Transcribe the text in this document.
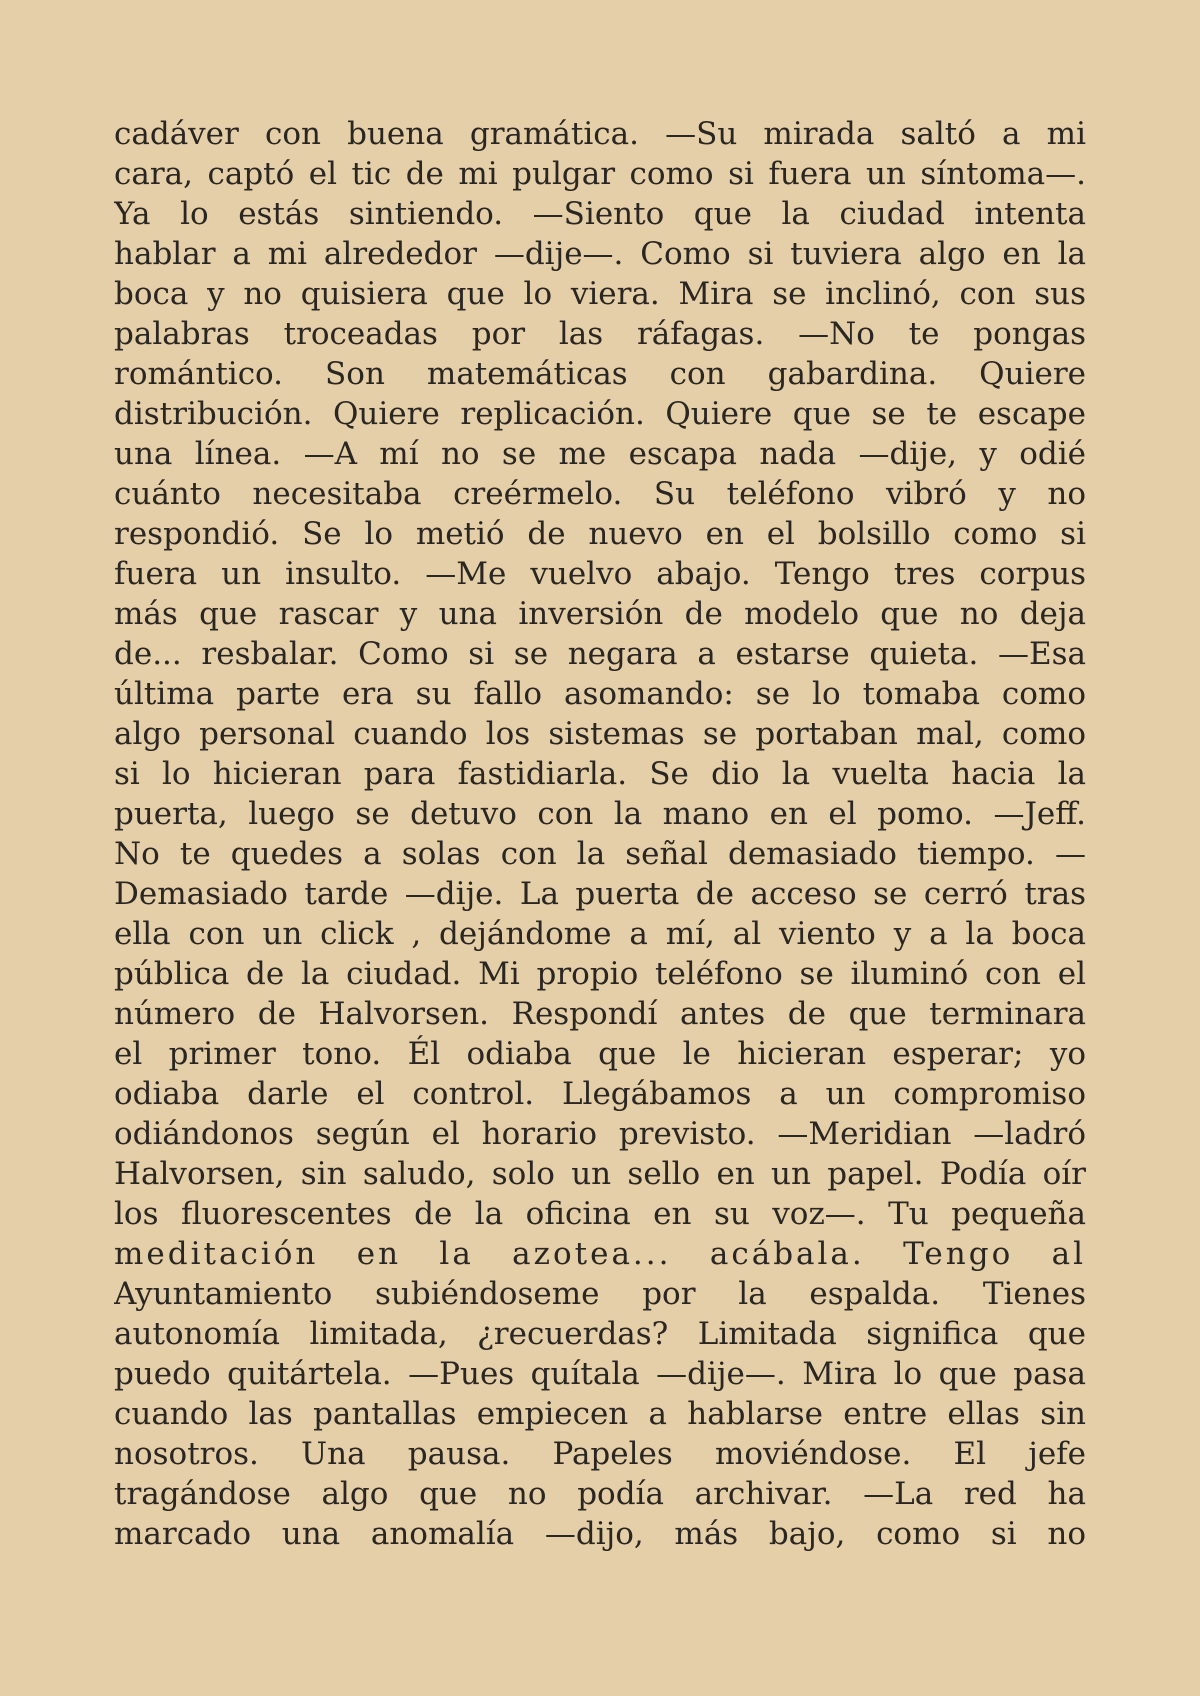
cadáver con buena gramática. —Su mirada saltó a mi
cara, captó el tic de mi pulgar como si fuera un síntoma—.
Ya lo estás sintiendo. —Siento que la ciudad intenta
hablar a mi alrededor —dije—. Como si tuviera algo en la
boca y no quisiera que lo viera. Mira se inclinó, con sus
palabras troceadas por las ráfagas. —No te pongas
romántico. Son matemáticas con gabardina. Quiere
distribución. Quiere replicación. Quiere que se te escape
una línea. —A mí no se me escapa nada —dije, y odié
cuánto necesitaba creérmelo. Su teléfono vibró y no
respondió. Se lo metió de nuevo en el bolsillo como si
fuera un insulto. —Me vuelvo abajo. Tengo tres corpus
más que rascar y una inversión de modelo que no deja
de... resbalar. Como si se negara a estarse quieta. —Esa
última parte era su fallo asomando: se lo tomaba como
algo personal cuando los sistemas se portaban mal, como
si lo hicieran para fastidiarla. Se dio la vuelta hacia la
puerta, luego se detuvo con la mano en el pomo. —Jeff.
No te quedes a solas con la señal demasiado tiempo. —
Demasiado tarde —dije. La puerta de acceso se cerró tras
ella con un click , dejándome a mí, al viento y a la boca
pública de la ciudad. Mi propio teléfono se iluminó con el
número de Halvorsen. Respondí antes de que terminara
el primer tono. Él odiaba que le hicieran esperar; yo
odiaba darle el control. Llegábamos a un compromiso
odiándonos según el horario previsto. —Meridian —ladró
Halvorsen, sin saludo, solo un sello en un papel. Podía oír
los fluorescentes de la oficina en su voz—. Tu pequeña
meditación en la azotea... acábala. Tengo al
Ayuntamiento subiéndoseme por la espalda. Tienes
autonomía limitada, ¿recuerdas? Limitada significa que
puedo quitártela. —Pues quítala —dije—. Mira lo que pasa
cuando las pantallas empiecen a hablarse entre ellas sin
nosotros. Una pausa. Papeles moviéndose. El jefe
tragándose algo que no podía archivar. —La red ha
marcado una anomalía —dijo, más bajo, como si no
